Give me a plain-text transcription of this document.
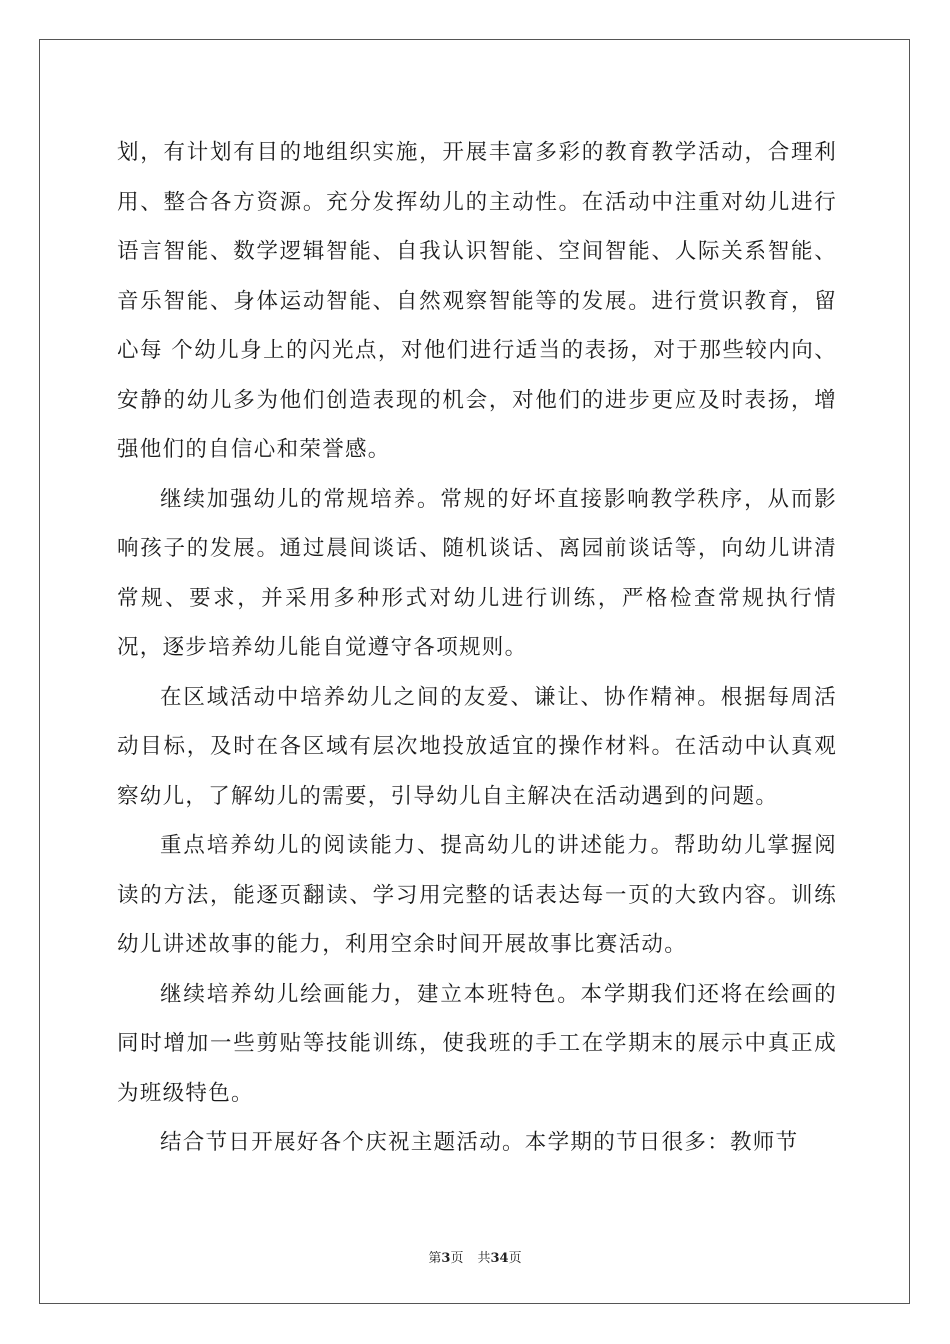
划，有计划有目的地组织实施，开展丰富多彩的教育教学活动，合理利用、整合各方资源。充分发挥幼儿的主动性。在活动中注重对幼儿进行语言智能、数学逻辑智能、自我认识智能、空间智能、人际关系智能、音乐智能、身体运动智能、自然观察智能等的发展。进行赏识教育，留心每 个幼儿身上的闪光点，对他们进行适当的表扬，对于那些较内向、安静的幼儿多为他们创造表现的机会，对他们的进步更应及时表扬，增强他们的自信心和荣誉感。

继续加强幼儿的常规培养。常规的好坏直接影响教学秩序，从而影响孩子的发展。通过晨间谈话、随机谈话、离园前谈话等，向幼儿讲清常规、要求，并采用多种形式对幼儿进行训练，严格检查常规执行情况，逐步培养幼儿能自觉遵守各项规则。

在区域活动中培养幼儿之间的友爱、谦让、协作精神。根据每周活动目标，及时在各区域有层次地投放适宜的操作材料。在活动中认真观察幼儿，了解幼儿的需要，引导幼儿自主解决在活动遇到的问题。

重点培养幼儿的阅读能力、提高幼儿的讲述能力。帮助幼儿掌握阅读的方法，能逐页翻读、学习用完整的话表达每一页的大致内容。训练幼儿讲述故事的能力，利用空余时间开展故事比赛活动。

继续培养幼儿绘画能力，建立本班特色。本学期我们还将在绘画的同时增加一些剪贴等技能训练，使我班的手工在学期末的展示中真正成为班级特色。

结合节日开展好各个庆祝主题活动。本学期的节日很多：教师节

第3页 共34页
